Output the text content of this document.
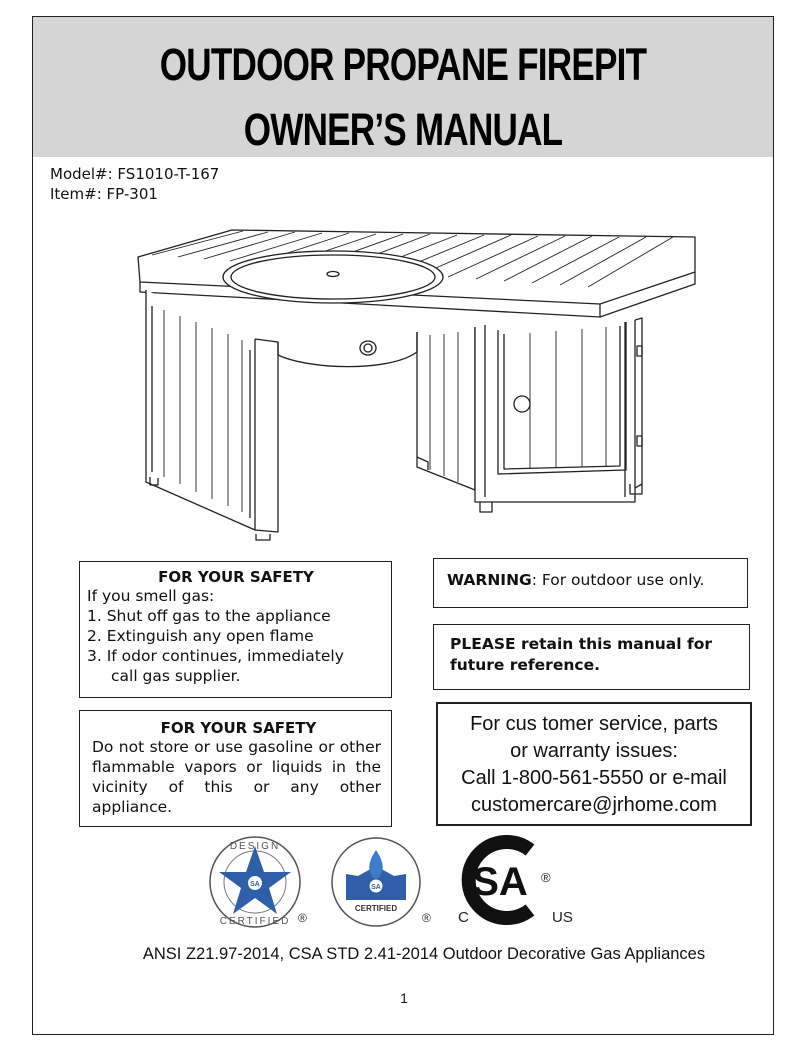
OUTDOOR PROPANE FIREPIT
OWNER’S MANUAL
Model#: FS1010-T-167
Item#: FP-301
FOR YOUR SAFETY
If you smell gas:
1. Shut off gas to the appliance
2. Extinguish any open flame
3. If odor continues, immediately
call gas supplier.
FOR YOUR SAFETY
Do not store or use gasoline or other flammable vapors or liquids in the vicinity of this or any other appliance.
WARNING: For outdoor use only.
PLEASE retain this manual for future reference.
For cus tomer service, parts
or warranty issues:
Call 1-800-561-5550 or e-mail
customercare@jrhome.com
SA
DESIGN
CERTIFIED ®
SA
CERTIFIED
®
SA
C	US
®
ANSI Z21.97-2014, CSA STD 2.41-2014 Outdoor Decorative Gas Appliances
1
